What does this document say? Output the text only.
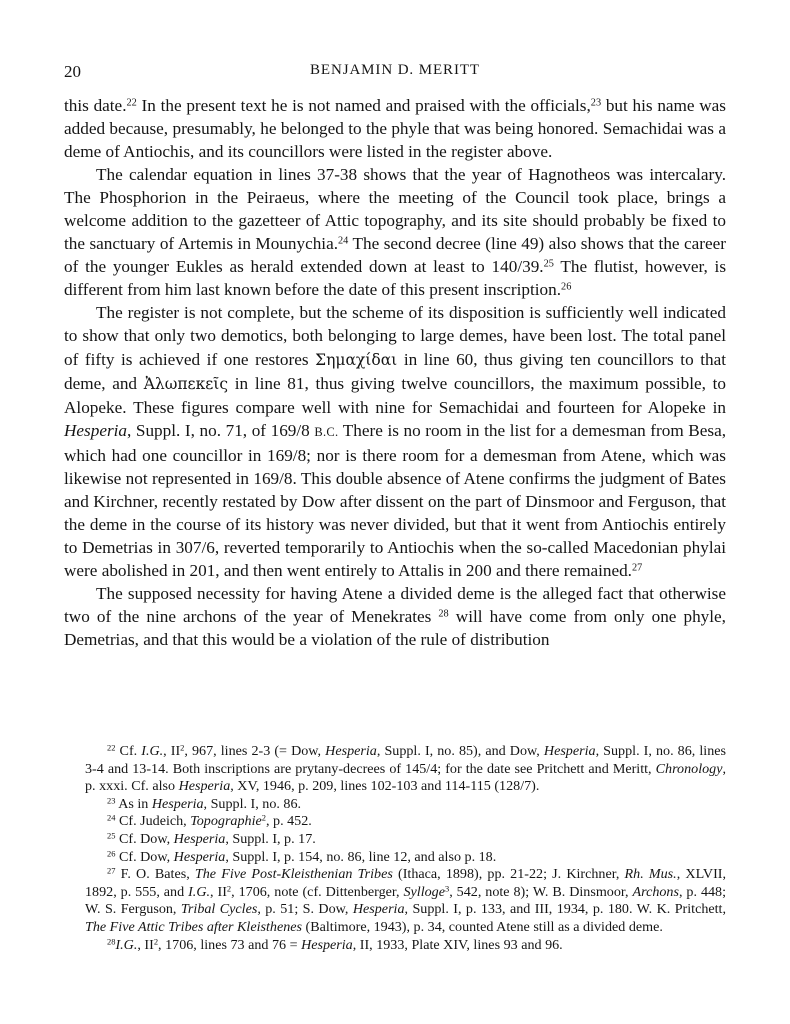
20	BENJAMIN D. MERITT

this date.$^{22}$ In the present text he is not named and praised with the officials,$^{23}$ but his name was added because, presumably, he belonged to the phyle that was being honored. Semachidai was a deme of Antiochis, and its councillors were listed in the register above.

The calendar equation in lines 37-38 shows that the year of Hagnotheos was intercalary. The Phosphorion in the Peiraeus, where the meeting of the Council took place, brings a welcome addition to the gazetteer of Attic topography, and its site should probably be fixed to the sanctuary of Artemis in Mounychia.$^{24}$ The second decree (line 49) also shows that the career of the younger Eukles as herald extended down at least to 140/39.25 The flutist, however, is different from him last known before the date of this present inscription.$^{26}$

The register is not complete, but the scheme of its disposition is sufficiently well indicated to show that only two demotics, both belonging to large demes, have been lost. The total panel of fifty is achieved if one restores Σημαχίδαι in line 60, thus giving ten councillors to that deme, and Ἀλωπεκεῖς in line 81, thus giving twelve councillors, the maximum possible, to Alopeke. These figures compare well with nine for Semachidai and fourteen for Alopeke in Hesperia, Suppl. I, no. 71, of 169/8 B.C. There is no room in the list for a demesman from Besa, which had one councillor in 169/8; nor is there room for a demesman from Atene, which was likewise not represented in 169/8. This double absence of Atene confirms the judgment of Bates and Kirchner, recently restated by Dow after dissent on the part of Dinsmoor and Ferguson, that the deme in the course of its history was never divided, but that it went from Antiochis entirely to Demetrias in 307/6, reverted temporarily to Antiochis when the so-called Macedonian phylai were abolished in 201, and then went entirely to Attalis in 200 and there remained.$^{27}$

The supposed necessity for having Atene a divided deme is the alleged fact that otherwise two of the nine archons of the year of Menekrates $^{28}$ will have come from only one phyle, Demetrias, and that this would be a violation of the rule of distribution

$^{22}$ Cf. I.G., $II^2$, 967, lines 2-3 (= Dow, Hesperia, Suppl. I, no. 85), and Dow, Hesperia, Suppl. I, no. 86, lines 3-4 and 13-14. Both inscriptions are prytany-decrees of 145/4; for the date see Pritchett and Meritt, Chronology, p. xxxi. Cf. also Hesperia, XV, 1946, p. 209, lines 102-103 and 114-115 (128/7).

$^{23}$ As in Hesperia, Suppl. I, no. 86.

$^{24}$ Cf. Judeich, Topographie$^2$, p. 452.

$^{25}$ Cf. Dow, Hesperia, Suppl. I, p. 17.

$^{26}$ Cf. Dow, Hesperia, Suppl. I, p. 154, no. 86, line 12, and also p. 18.

$^{27}$ F. O. Bates, The Five Post-Kleisthenian Tribes (Ithaca, 1898), pp. 21-22; J. Kirchner, Rh. Mus., XLVII, 1892, p. 555, and I.G., $II^2$, 1706, note (cf. Dittenberger, Sylloge$^3$, 542, note 8); W. B. Dinsmoor, Archons, p. 448; W. S. Ferguson, Tribal Cycles, p. 51; S. Dow, Hesperia, Suppl. I, p. 133, and III, 1934, p. 180. W. K. Pritchett, The Five Attic Tribes after Kleisthenes (Baltimore, 1943), p. 34, counted Atene still as a divided deme.

$^{28}$I.G., $II^2$, 1706, lines 73 and 76 = Hesperia, II, 1933, Plate XIV, lines 93 and 96.
